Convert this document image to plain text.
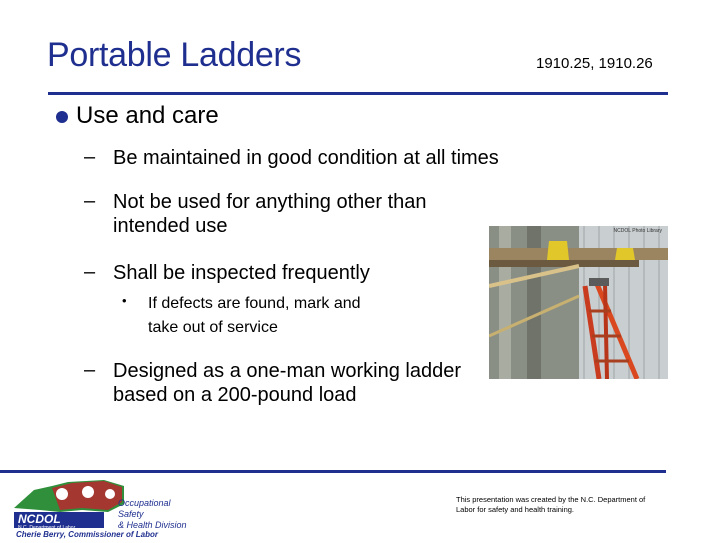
Portable Ladders	1910.25, 1910.26
Use and care
– Be maintained in good condition at all times
– Not be used for anything other than intended use
– Shall be inspected frequently
• If defects are found, mark and take out of service
– Designed as a one-man working ladder based on a 200-pound load
NCDOL Photo Library
NCDOL
N.C. Department of Labor
Occupational Safety
& Health Division
Cherie Berry, Commissioner of Labor
This presentation was created by the N.C. Department of Labor for safety and health training.
